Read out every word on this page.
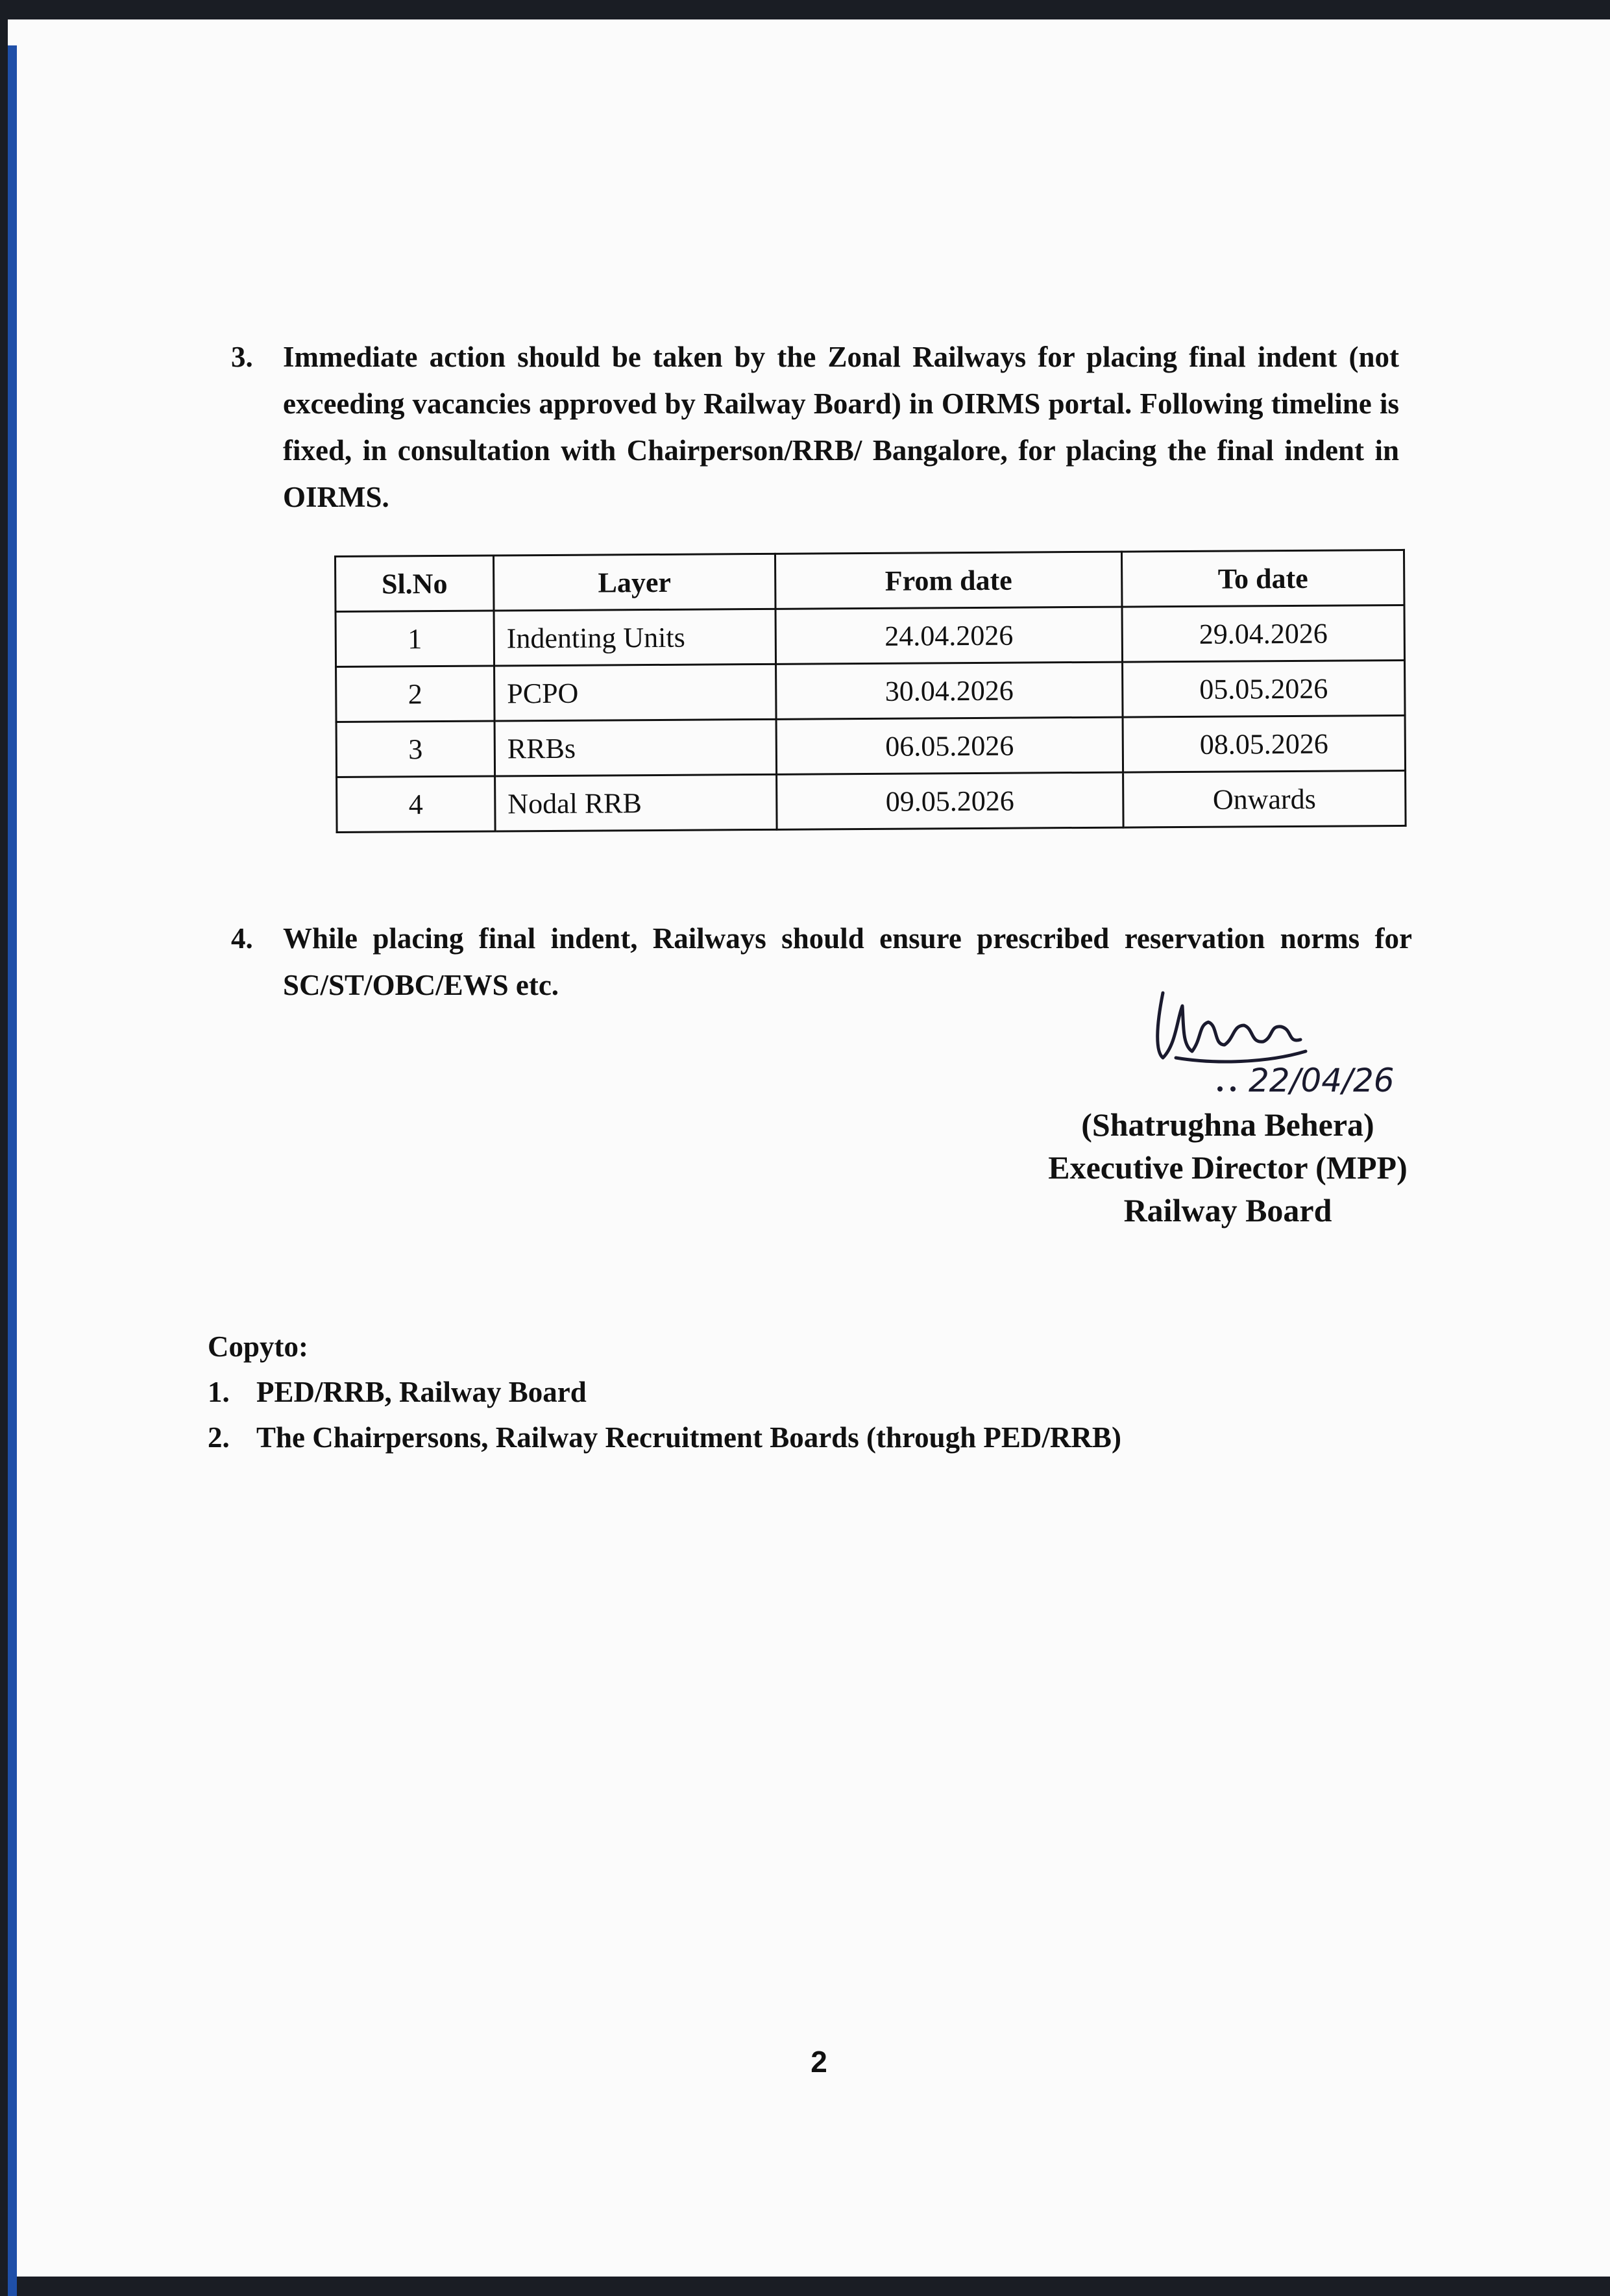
3. Immediate action should be taken by the Zonal Railways for placing final indent (not exceeding vacancies approved by Railway Board) in OIRMS portal. Following timeline is fixed, in consultation with Chairperson/RRB/ Bangalore, for placing the final indent in OIRMS.
Sl.No	Layer	From date	To date
1	Indenting Units	24.04.2026	29.04.2026
2	PCPO	30.04.2026	05.05.2026
3	RRBs	06.05.2026	08.05.2026
4	Nodal RRB	09.05.2026	Onwards
4. While placing final indent, Railways should ensure prescribed reservation norms for SC/ST/OBC/EWS etc.
22/04/26
(Shatrughna Behera)
Executive Director (MPP)
Railway Board
Copyto:
1. PED/RRB, Railway Board
2. The Chairpersons, Railway Recruitment Boards (through PED/RRB)
2
